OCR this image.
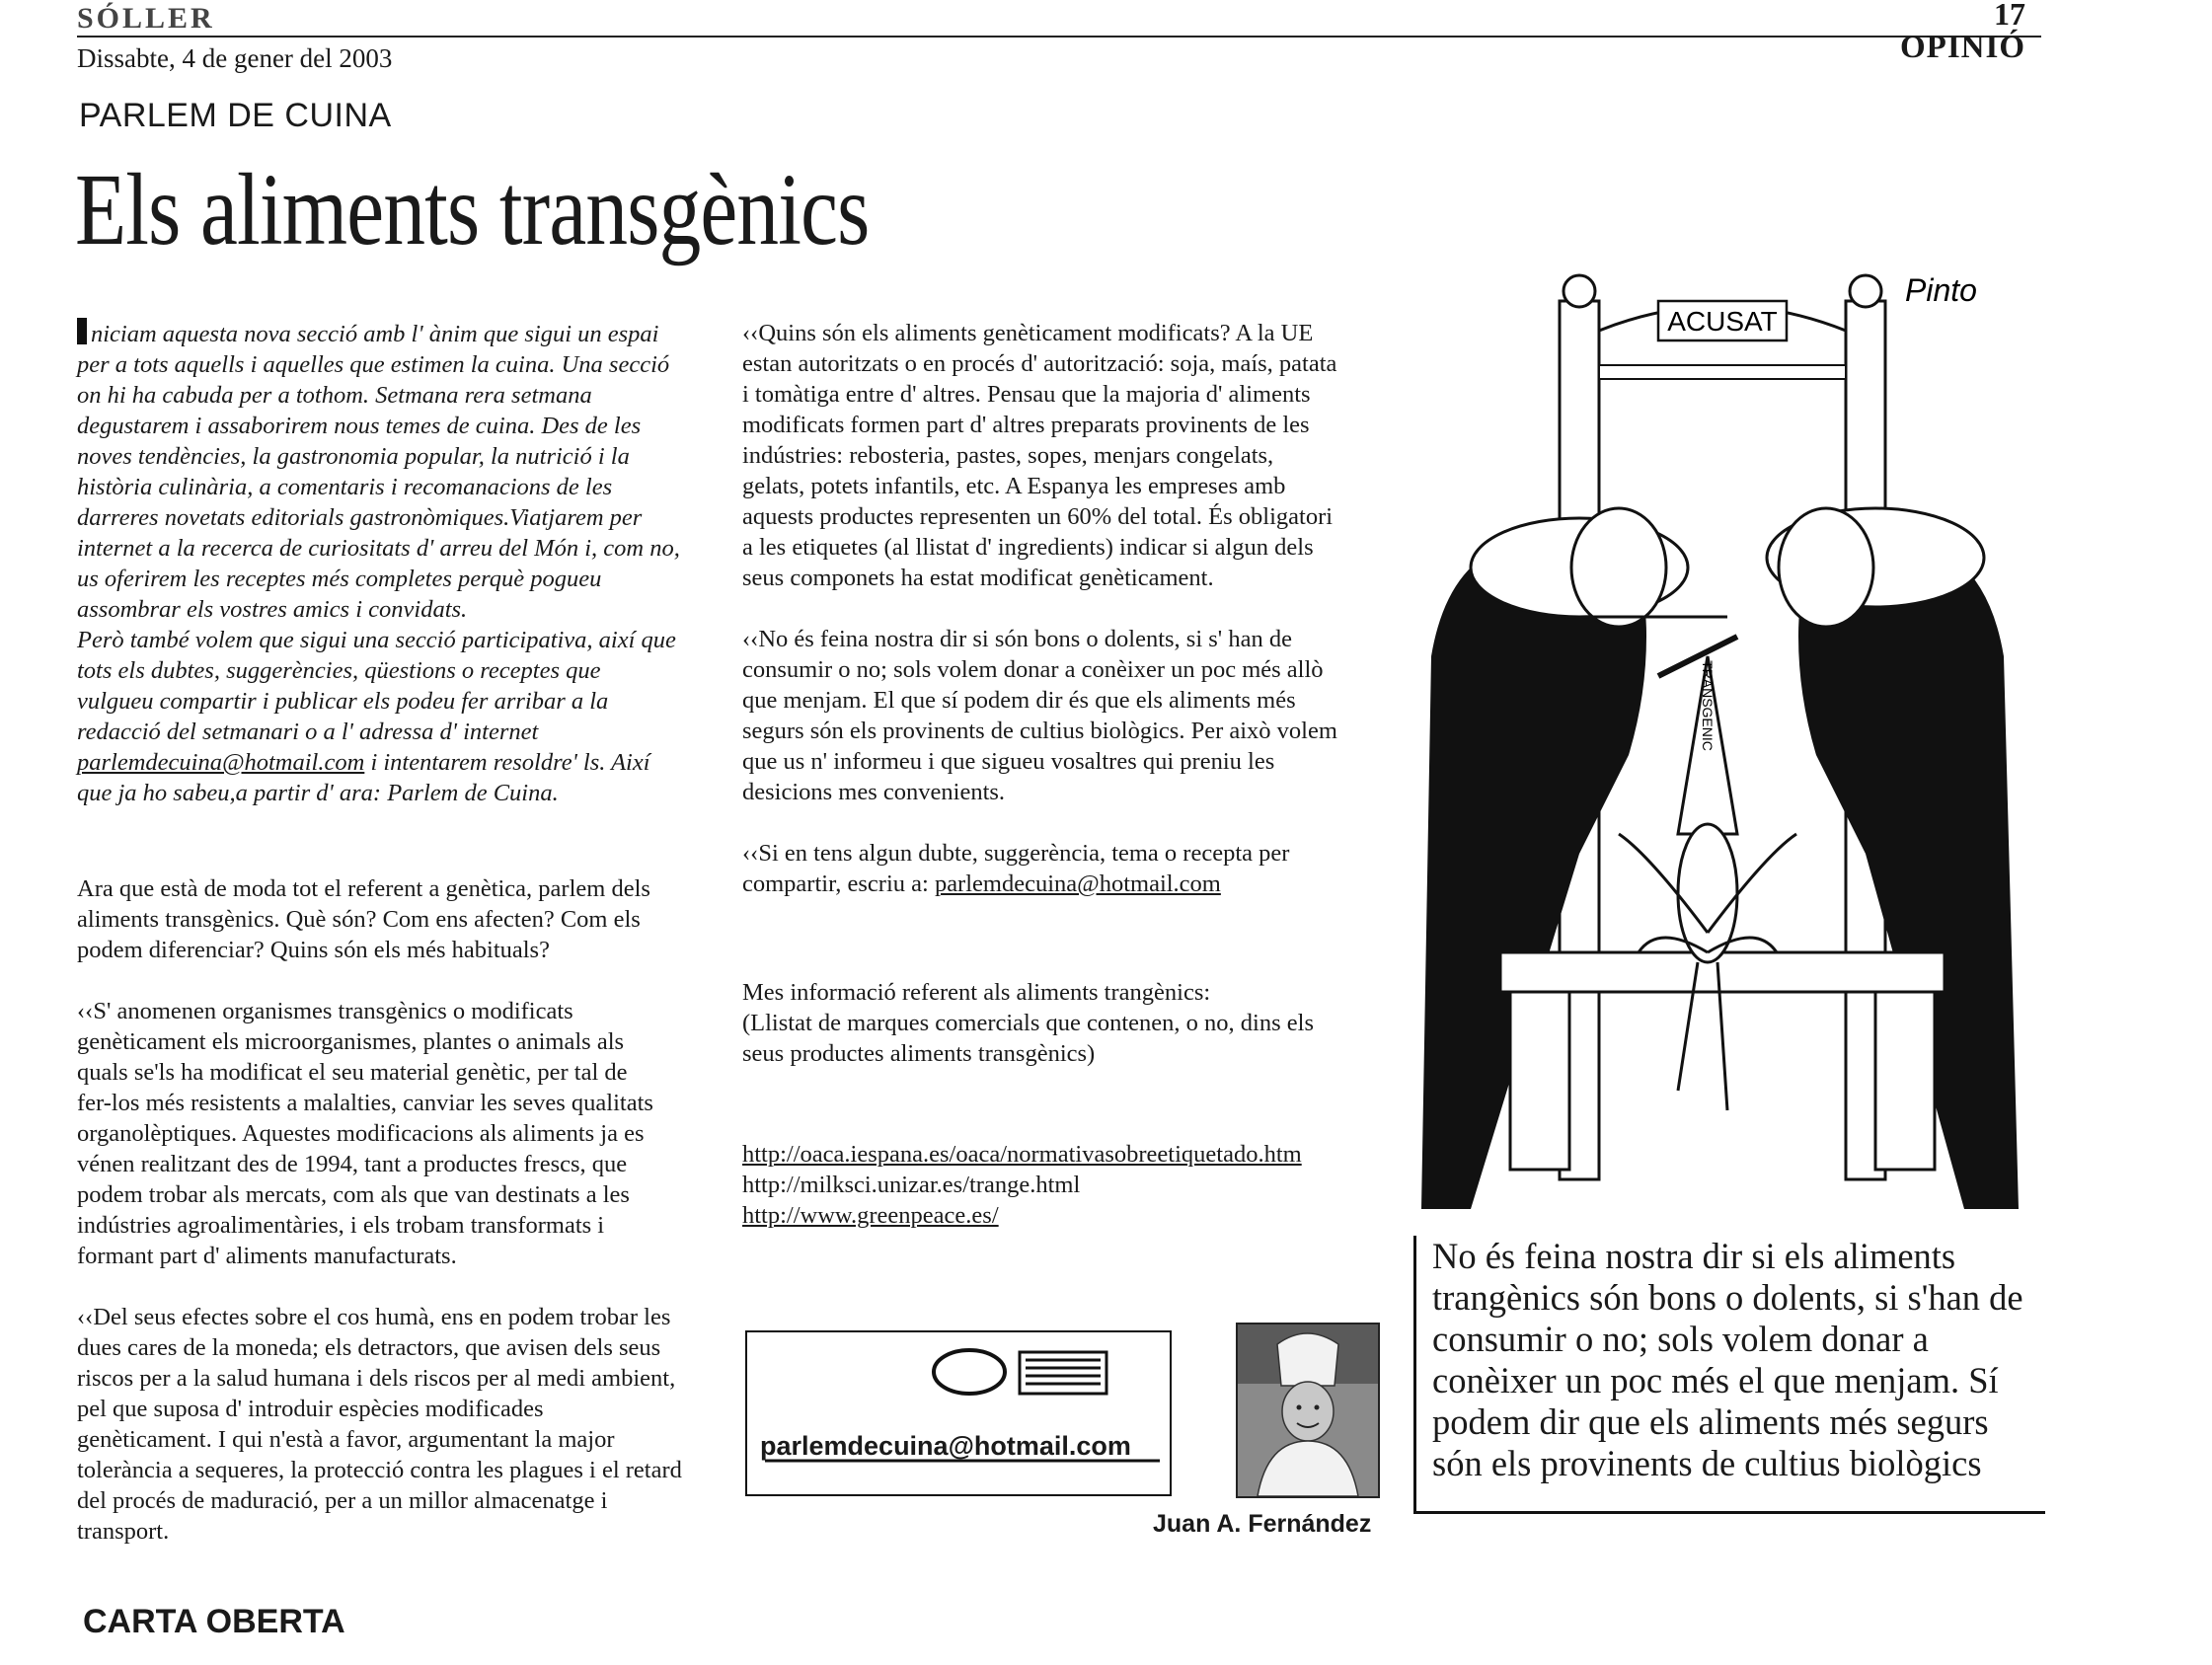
SÓLLER
Dissabte, 4 de gener del 2003
17
OPINIÓ
PARLEM DE CUINA
Els aliments transgènics
niciam aquesta nova secció amb l' ànim que sigui un espai
per a tots aquells i aquelles que estimen la cuina. Una secció
on hi ha cabuda per a tothom. Setmana rera setmana
degustarem i assaborirem nous temes de cuina. Des de les
noves tendències, la gastronomia popular, la nutrició i la
història culinària, a comentaris i recomanacions de les
darreres novetats editorials gastronòmiques.Viatjarem per
internet a la recerca de curiositats d' arreu del Món i, com no,
us oferirem les receptes més completes perquè pogueu
assombrar els vostres amics i convidats.
Però també volem que sigui una secció participativa, així que
tots els dubtes, suggerències, qüestions o receptes que
vulgueu compartir i publicar els podeu fer arribar a la
redacció del setmanari o a l' adressa d' internet
parlemdecuina@hotmail.com i intentarem resoldre' ls. Així
que ja ho sabeu,a partir d' ara: Parlem de Cuina.

Ara que està de moda tot el referent a genètica, parlem dels
aliments transgènics. Què són? Com ens afecten? Com els
podem diferenciar? Quins són els més habituals?

‹‹S' anomenen organismes transgènics o modificats
genèticament els microorganismes, plantes o animals als
quals se'ls ha modificat el seu material genètic, per tal de
fer-los més resistents a malalties, canviar les seves qualitats
organolèptiques. Aquestes modificacions als aliments ja es
vénen realitzant des de 1994, tant a productes frescs, que
podem trobar als mercats, com als que van destinats a les
indústries agroalimentàries, i els trobam transformats i
formant part d' aliments manufacturats.

‹‹Del seus efectes sobre el cos humà, ens en podem trobar les
dues cares de la moneda; els detractors, que avisen dels seus
riscos per a la salud humana i dels riscos per al medi ambient,
pel que suposa d' introduir espècies modificades
genèticament. I qui n'està a favor, argumentant la major
tolerància a sequeres, la protecció contra les plagues i el retard
del procés de maduració, per a un millor almacenatge i
transport.

‹‹Quins són els aliments genèticament modificats? A la UE
estan autoritzats o en procés d' autorització: soja, maís, patata
i tomàtiga entre d' altres. Pensau que la majoria d' aliments
modificats formen part d' altres preparats provinents de les
indústries: rebosteria, pastes, sopes, menjars congelats,
gelats, potets infantils, etc. A Espanya les empreses amb
aquests productes representen un 60% del total. És obligatori
a les etiquetes (al llistat d' ingredients) indicar si algun dels
seus componets ha estat modificat genèticament.

‹‹No és feina nostra dir si són bons o dolents, si s' han de
consumir o no; sols volem donar a conèixer un poc més allò
que menjam. El que sí podem dir és que els aliments més
segurs són els provinents de cultius biològics. Per això volem
que us n' informeu i que sigueu vosaltres qui preniu les
desicions mes convenients.

‹‹Si en tens algun dubte, suggerència, tema o recepta per
compartir, escriu a: parlemdecuina@hotmail.com

Mes informació referent als aliments trangènics:
(Llistat de marques comercials que contenen, o no, dins els
seus productes aliments transgènics)

http://oaca.iespana.es/oaca/normativasobreetiquetado.htm
http://milksci.unizar.es/trange.html
http://www.greenpeace.es/
parlemdecuina@hotmail.com
Juan A. Fernández
ACUSAT
Pinto
TRANSGENIC
No és feina nostra dir si els aliments trangènics són bons o dolents, si s'han de consumir o no; sols volem donar a conèixer un poc més el que menjam. Sí podem dir que els aliments més segurs són els provinents de cultius biològics
CARTA OBERTA
